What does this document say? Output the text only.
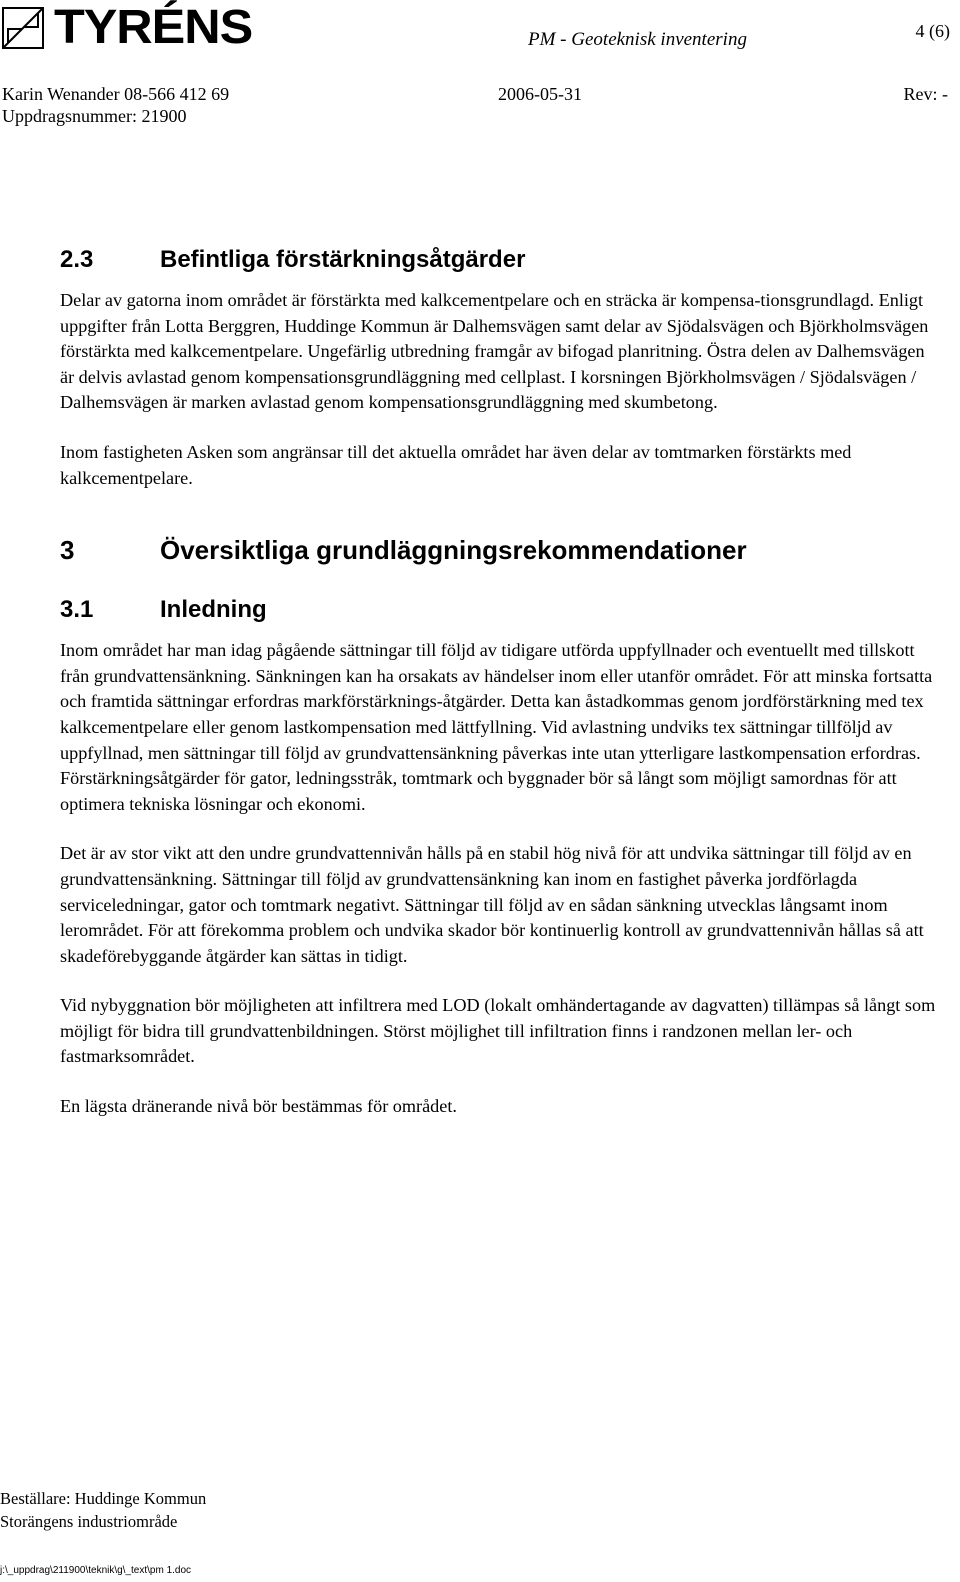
TYRÉNS	PM - Geoteknisk inventering	4 (6)
Karin Wenander 08-566 412 69	2006-05-31	Rev: -
Uppdragsnummer: 21900
2.3	Befintliga förstärkningsåtgärder

Delar av gatorna inom området är förstärkta med kalkcementpelare och en sträcka är kompensa-tionsgrundlagd. Enligt uppgifter från Lotta Berggren, Huddinge Kommun är Dalhemsvägen samt delar av Sjödalsvägen och Björkholmsvägen förstärkta med kalkcementpelare. Ungefärlig utbredning framgår av bifogad planritning. Östra delen av Dalhemsvägen är delvis avlastad genom kompensationsgrundläggning med cellplast. I korsningen Björkholmsvägen / Sjödalsvägen / Dalhemsvägen är marken avlastad genom kompensationsgrundläggning med skumbetong.

Inom fastigheten Asken som angränsar till det aktuella området har även delar av tomtmarken förstärkts med kalkcementpelare.

3	Översiktliga grundläggningsrekommendationer
3.1	Inledning

Inom området har man idag pågående sättningar till följd av tidigare utförda uppfyllnader och eventuellt med tillskott från grundvattensänkning. Sänkningen kan ha orsakats av händelser inom eller utanför området. För att minska fortsatta och framtida sättningar erfordras markförstärknings-åtgärder. Detta kan åstadkommas genom jordförstärkning med tex kalkcementpelare eller genom lastkompensation med lättfyllning. Vid avlastning undviks tex sättningar tillföljd av uppfyllnad, men sättningar till följd av grundvattensänkning påverkas inte utan ytterligare lastkompensation erfordras. Förstärkningsåtgärder för gator, ledningsstråk, tomtmark och byggnader bör så långt som möjligt samordnas för att optimera tekniska lösningar och ekonomi.

Det är av stor vikt att den undre grundvattennivån hålls på en stabil hög nivå för att undvika sättningar till följd av en grundvattensänkning. Sättningar till följd av grundvattensänkning kan inom en fastighet påverka jordförlagda serviceledningar, gator och tomtmark negativt. Sättningar till följd av en sådan sänkning utvecklas långsamt inom lerområdet. För att förekomma problem och undvika skador bör kontinuerlig kontroll av grundvattennivån hållas så att skadeförebyggande åtgärder kan sättas in tidigt.

Vid nybyggnation bör möjligheten att infiltrera med LOD (lokalt omhändertagande av dagvatten) tillämpas så långt som möjligt för bidra till grundvattenbildningen. Störst möjlighet till infiltration finns i randzonen mellan ler- och fastmarksområdet.

En lägsta dränerande nivå bör bestämmas för området.

Beställare: Huddinge Kommun
Storängens industriområde
j:\_uppdrag\211900\teknik\g\_text\pm 1.doc
